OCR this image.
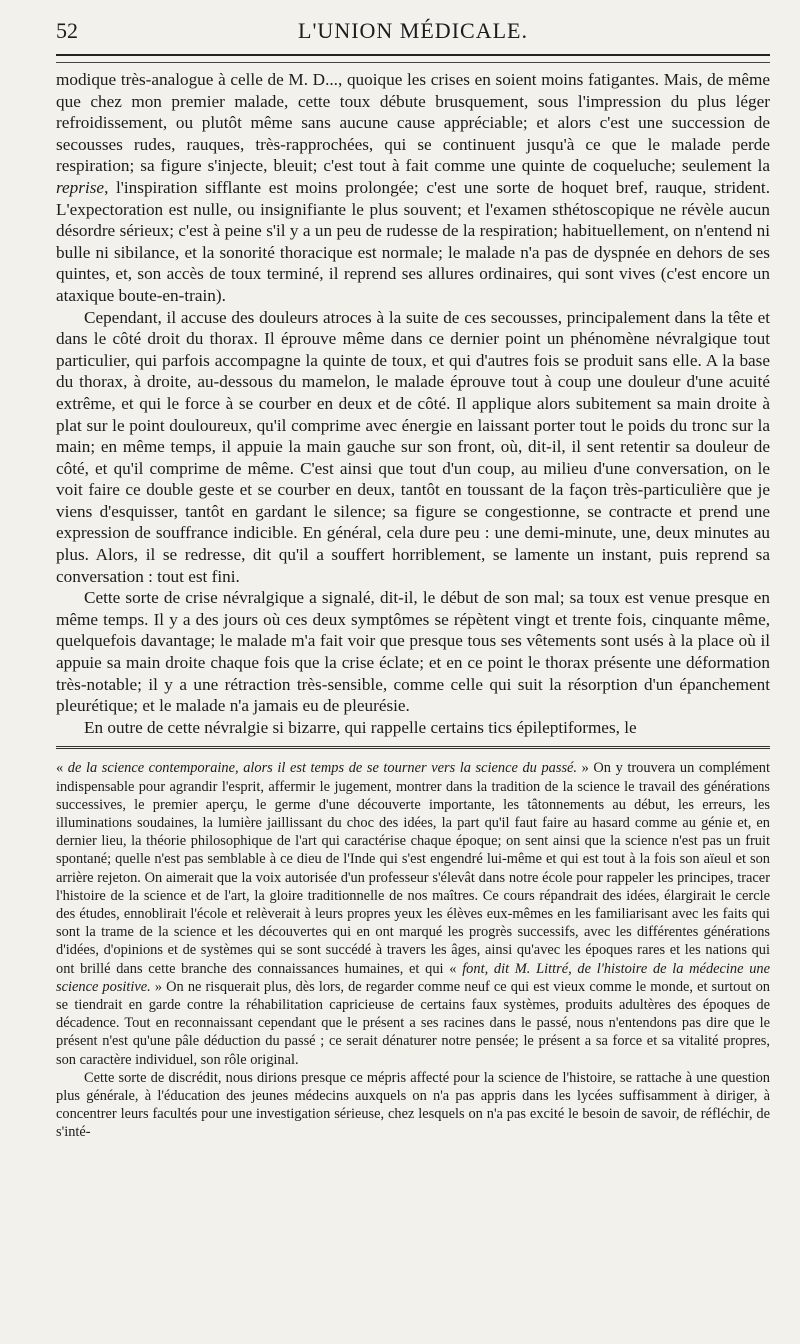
52	L'UNION MÉDICALE.

modique très-analogue à celle de M. D..., quoique les crises en soient moins fatigantes. Mais, de même que chez mon premier malade, cette toux débute brusquement, sous l'impression du plus léger refroidissement, ou plutôt même sans aucune cause appréciable; et alors c'est une succession de secousses rudes, rauques, très-rapprochées, qui se continuent jusqu'à ce que le malade perde respiration; sa figure s'injecte, bleuit; c'est tout à fait comme une quinte de coqueluche; seulement la reprise, l'inspiration sifflante est moins prolongée; c'est une sorte de hoquet bref, rauque, strident. L'expectoration est nulle, ou insignifiante le plus souvent; et l'examen sthétoscopique ne révèle aucun désordre sérieux; c'est à peine s'il y a un peu de rudesse de la respiration; habituellement, on n'entend ni bulle ni sibilance, et la sonorité thoracique est normale; le malade n'a pas de dyspnée en dehors de ses quintes, et, son accès de toux terminé, il reprend ses allures ordinaires, qui sont vives (c'est encore un ataxique boute-en-train).

Cependant, il accuse des douleurs atroces à la suite de ces secousses, principalement dans la tête et dans le côté droit du thorax. Il éprouve même dans ce dernier point un phénomène névralgique tout particulier, qui parfois accompagne la quinte de toux, et qui d'autres fois se produit sans elle. A la base du thorax, à droite, au-dessous du mamelon, le malade éprouve tout à coup une douleur d'une acuité extrême, et qui le force à se courber en deux et de côté. Il applique alors subitement sa main droite à plat sur le point douloureux, qu'il comprime avec énergie en laissant porter tout le poids du tronc sur la main; en même temps, il appuie la main gauche sur son front, où, dit-il, il sent retentir sa douleur de côté, et qu'il comprime de même. C'est ainsi que tout d'un coup, au milieu d'une conversation, on le voit faire ce double geste et se courber en deux, tantôt en toussant de la façon très-particulière que je viens d'esquisser, tantôt en gardant le silence; sa figure se congestionne, se contracte et prend une expression de souffrance indicible. En général, cela dure peu : une demi-minute, une, deux minutes au plus. Alors, il se redresse, dit qu'il a souffert horriblement, se lamente un instant, puis reprend sa conversation : tout est fini.

Cette sorte de crise névralgique a signalé, dit-il, le début de son mal; sa toux est venue presque en même temps. Il y a des jours où ces deux symptômes se répètent vingt et trente fois, cinquante même, quelquefois davantage; le malade m'a fait voir que presque tous ses vêtements sont usés à la place où il appuie sa main droite chaque fois que la crise éclate; et en ce point le thorax présente une déformation très-notable; il y a une rétraction très-sensible, comme celle qui suit la résorption d'un épanchement pleurétique; et le malade n'a jamais eu de pleurésie.

En outre de cette névralgie si bizarre, qui rappelle certains tics épileptiformes, le

« de la science contemporaine, alors il est temps de se tourner vers la science du passé. » On y trouvera un complément indispensable pour agrandir l'esprit, affermir le jugement, montrer dans la tradition de la science le travail des générations successives, le premier aperçu, le germe d'une découverte importante, les tâtonnements au début, les erreurs, les illuminations soudaines, la lumière jaillissant du choc des idées, la part qu'il faut faire au hasard comme au génie et, en dernier lieu, la théorie philosophique de l'art qui caractérise chaque époque; on sent ainsi que la science n'est pas un fruit spontané; quelle n'est pas semblable à ce dieu de l'Inde qui s'est engendré lui-même et qui est tout à la fois son aïeul et son arrière rejeton. On aimerait que la voix autorisée d'un professeur s'élevât dans notre école pour rappeler les principes, tracer l'histoire de la science et de l'art, la gloire traditionnelle de nos maîtres. Ce cours répandrait des idées, élargirait le cercle des études, ennoblirait l'école et relèverait à leurs propres yeux les élèves eux-mêmes en les familiarisant avec les faits qui sont la trame de la science et les découvertes qui en ont marqué les progrès successifs, avec les différentes générations d'idées, d'opinions et de systèmes qui se sont succédé à travers les âges, ainsi qu'avec les époques rares et les nations qui ont brillé dans cette branche des connaissances humaines, et qui « font, dit M. Littré, de l'histoire de la médecine une science positive. » On ne risquerait plus, dès lors, de regarder comme neuf ce qui est vieux comme le monde, et surtout on se tiendrait en garde contre la réhabilitation capricieuse de certains faux systèmes, produits adultères des époques de décadence. Tout en reconnaissant cependant que le présent a ses racines dans le passé, nous n'entendons pas dire que le présent n'est qu'une pâle déduction du passé ; ce serait dénaturer notre pensée; le présent a sa force et sa vitalité propres, son caractère individuel, son rôle original.

Cette sorte de discrédit, nous dirions presque ce mépris affecté pour la science de l'histoire, se rattache à une question plus générale, à l'éducation des jeunes médecins auxquels on n'a pas appris dans les lycées suffisamment à diriger, à concentrer leurs facultés pour une investigation sérieuse, chez lesquels on n'a pas excité le besoin de savoir, de réfléchir, de s'inté-
